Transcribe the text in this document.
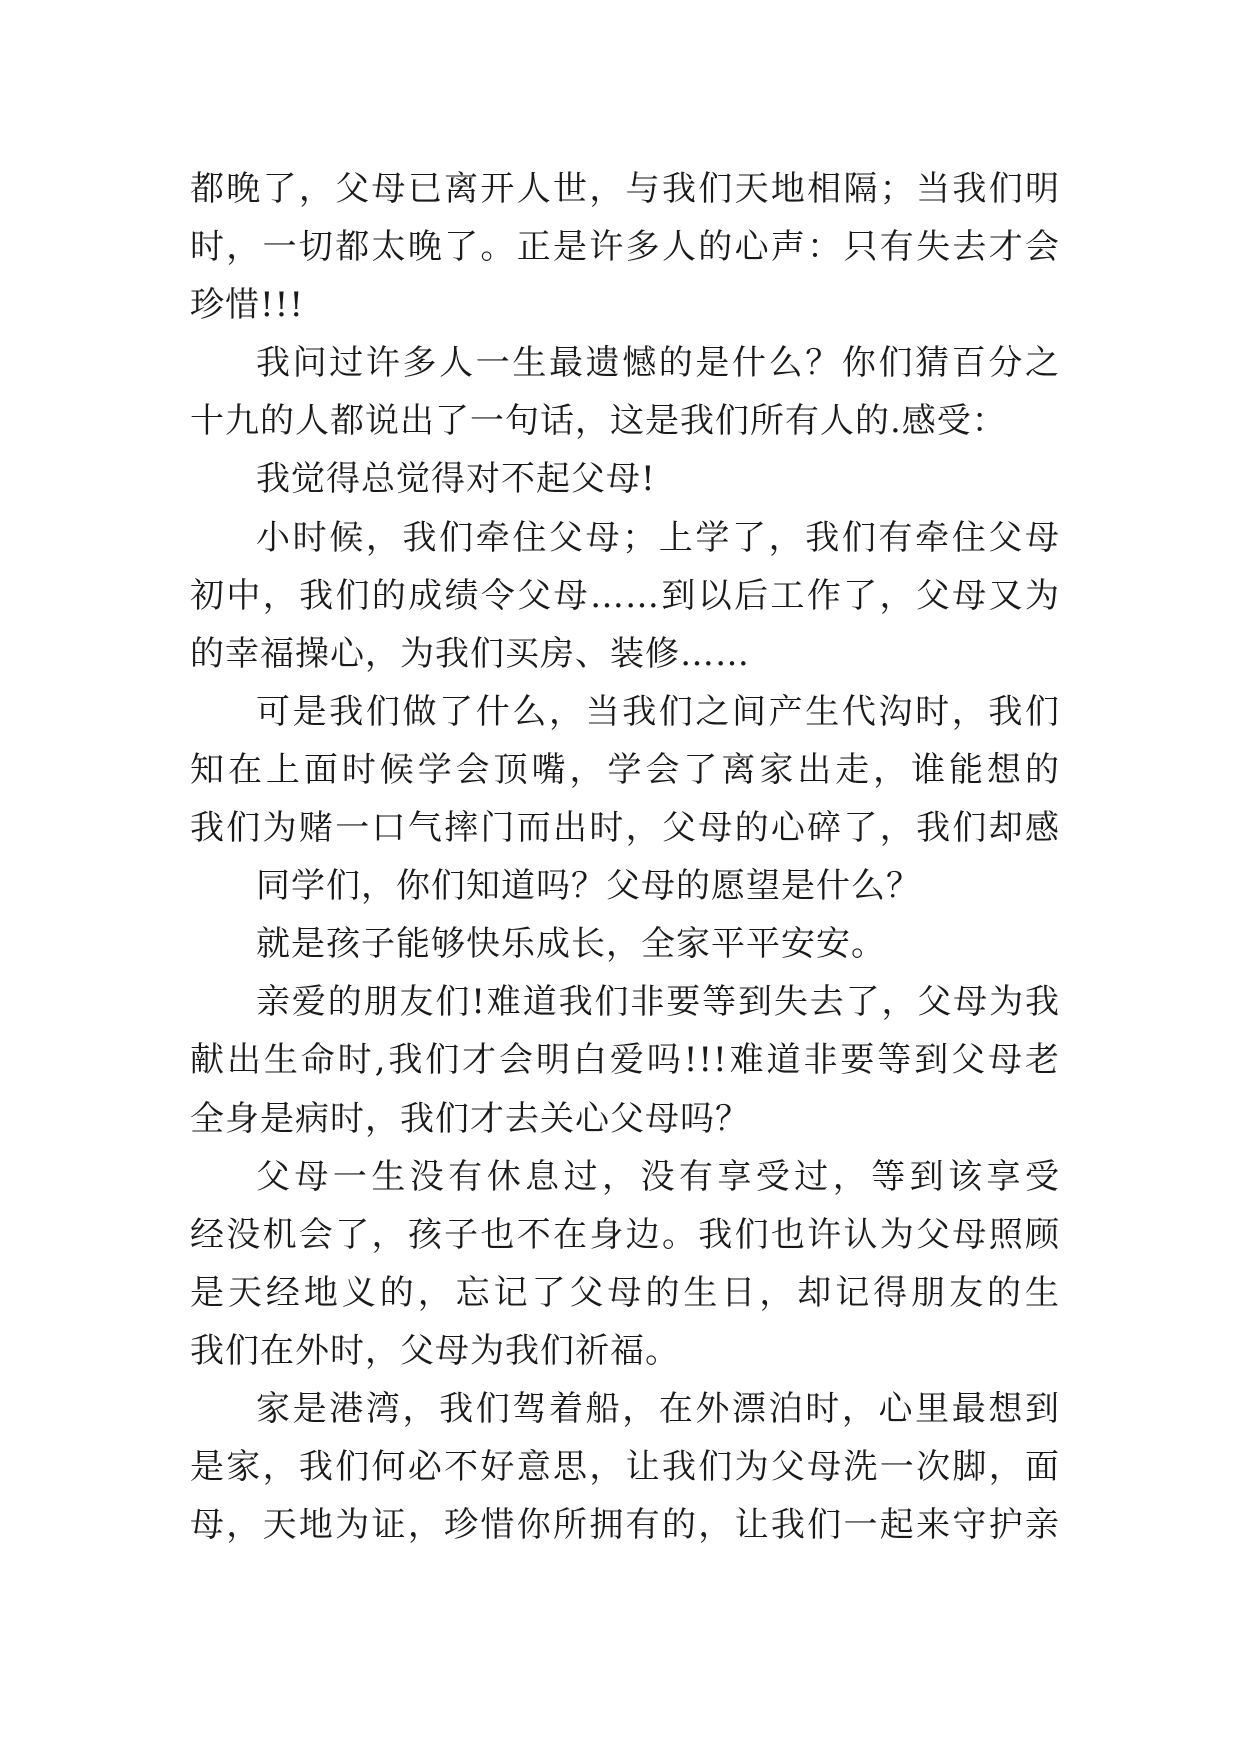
都晚了，父母已离开人世，与我们天地相隔；当我们明
时，一切都太晚了。正是许多人的心声：只有失去才会
珍惜!!!
我问过许多人一生最遗憾的是什么？你们猜百分之
十九的人都说出了一句话，这是我们所有人的.感受：
我觉得总觉得对不起父母!
小时候，我们牵住父母；上学了，我们有牵住父母
初中，我们的成绩令父母……到以后工作了，父母又为
的幸福操心，为我们买房、装修……
可是我们做了什么，当我们之间产生代沟时，我们
知在上面时候学会顶嘴，学会了离家出走，谁能想的
我们为赌一口气摔门而出时，父母的心碎了，我们却感
同学们，你们知道吗？父母的愿望是什么？
就是孩子能够快乐成长，全家平平安安。
亲爱的朋友们!难道我们非要等到失去了，父母为我
献出生命时,我们才会明白爱吗!!!难道非要等到父母老
全身是病时，我们才去关心父母吗？
父母一生没有休息过，没有享受过，等到该享受
经没机会了，孩子也不在身边。我们也许认为父母照顾
是天经地义的，忘记了父母的生日，却记得朋友的生
我们在外时，父母为我们祈福。
家是港湾，我们驾着船，在外漂泊时，心里最想到
是家，我们何必不好意思，让我们为父母洗一次脚，面
母，天地为证，珍惜你所拥有的，让我们一起来守护亲
